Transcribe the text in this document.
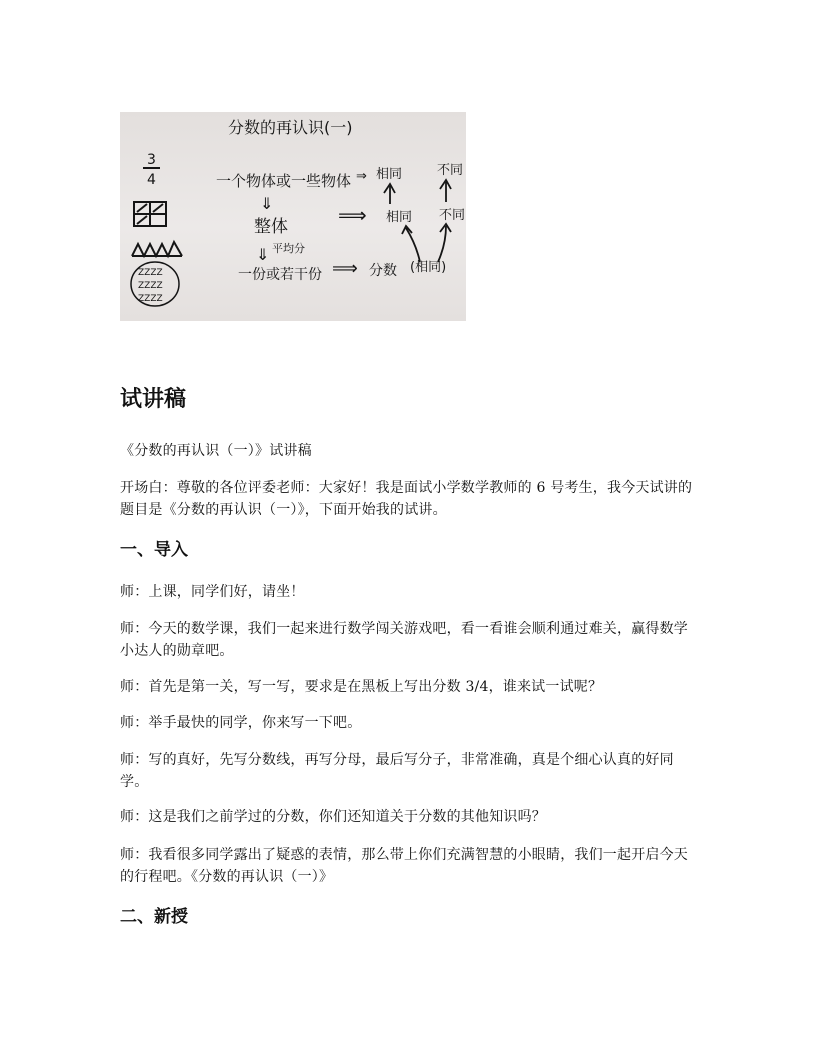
分数的再认识(一)
3
4
ZZZZ
ZZZZ
ZZZZ
一个物体或一些物体 ⇒ 相同	不同
⇓
整体	⟹ 相同 不同
⇓ 平均分
一份或若干份 ⟹ 分数 (相同)
试讲稿

《分数的再认识（一）》试讲稿

开场白：尊敬的各位评委老师：大家好！我是面试小学数学教师的 6 号考生，我今天试讲的题目是《分数的再认识（一）》，下面开始我的试讲。

一、导入

师：上课，同学们好，请坐！

师：今天的数学课，我们一起来进行数学闯关游戏吧，看一看谁会顺利通过难关，赢得数学小达人的勋章吧。

师：首先是第一关，写一写，要求是在黑板上写出分数 3/4，谁来试一试呢？

师：举手最快的同学，你来写一下吧。

师：写的真好，先写分数线，再写分母，最后写分子，非常准确，真是个细心认真的好同学。

师：这是我们之前学过的分数，你们还知道关于分数的其他知识吗？

师：我看很多同学露出了疑惑的表情，那么带上你们充满智慧的小眼睛，我们一起开启今天的行程吧。《分数的再认识（一）》

二、新授
